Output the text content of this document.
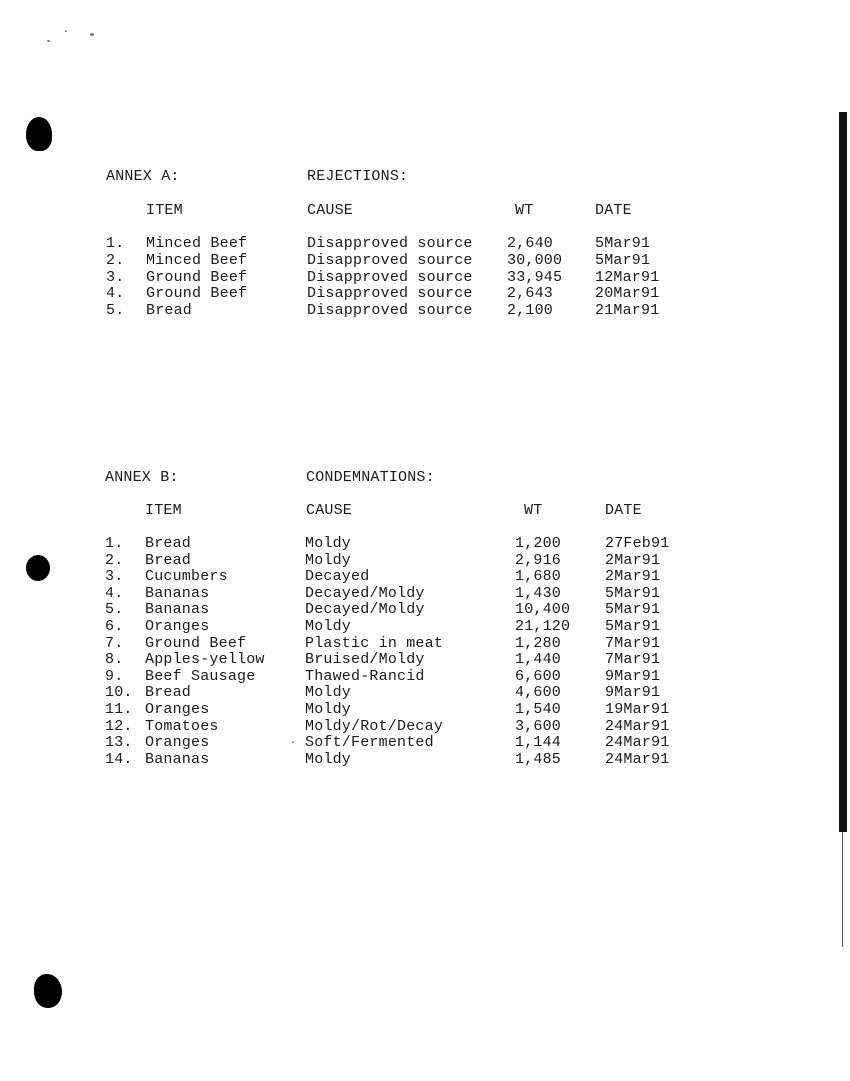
ANNEX A:	REJECTIONS:
ITEM	CAUSE	WT	DATE
1. Minced Beef	Disapproved source 2,640	5Mar91
2. Minced Beef	Disapproved source 30,000 5Mar91
3. Ground Beef	Disapproved source 33,945 12Mar91
4. Ground Beef	Disapproved source 2,643	20Mar91
5. Bread	Disapproved source 2,100	21Mar91
ANNEX B:	CONDEMNATIONS:
ITEM	CAUSE	WT	DATE
1. Bread	Moldy	1,200	27Feb91
2. Bread	Moldy	2,916	2Mar91
3. Cucumbers	Decayed	1,680	2Mar91
4. Bananas	Decayed/Moldy	1,430	5Mar91
5. Bananas	Decayed/Moldy	10,400 5Mar91
6. Oranges	Moldy	21,120 5Mar91
7. Ground Beef	Plastic in meat	1,280	7Mar91
8. Apples-yellow	Bruised/Moldy	1,440	7Mar91
9. Beef Sausage	Thawed-Rancid	6,600	9Mar91
10. Bread	Moldy	4,600	9Mar91
11. Oranges	Moldy	1,540	19Mar91
12. Tomatoes	Moldy/Rot/Decay	3,600	24Mar91
13. Oranges	Soft/Fermented	1,144	24Mar91
14. Bananas	Moldy	1,485	24Mar91
